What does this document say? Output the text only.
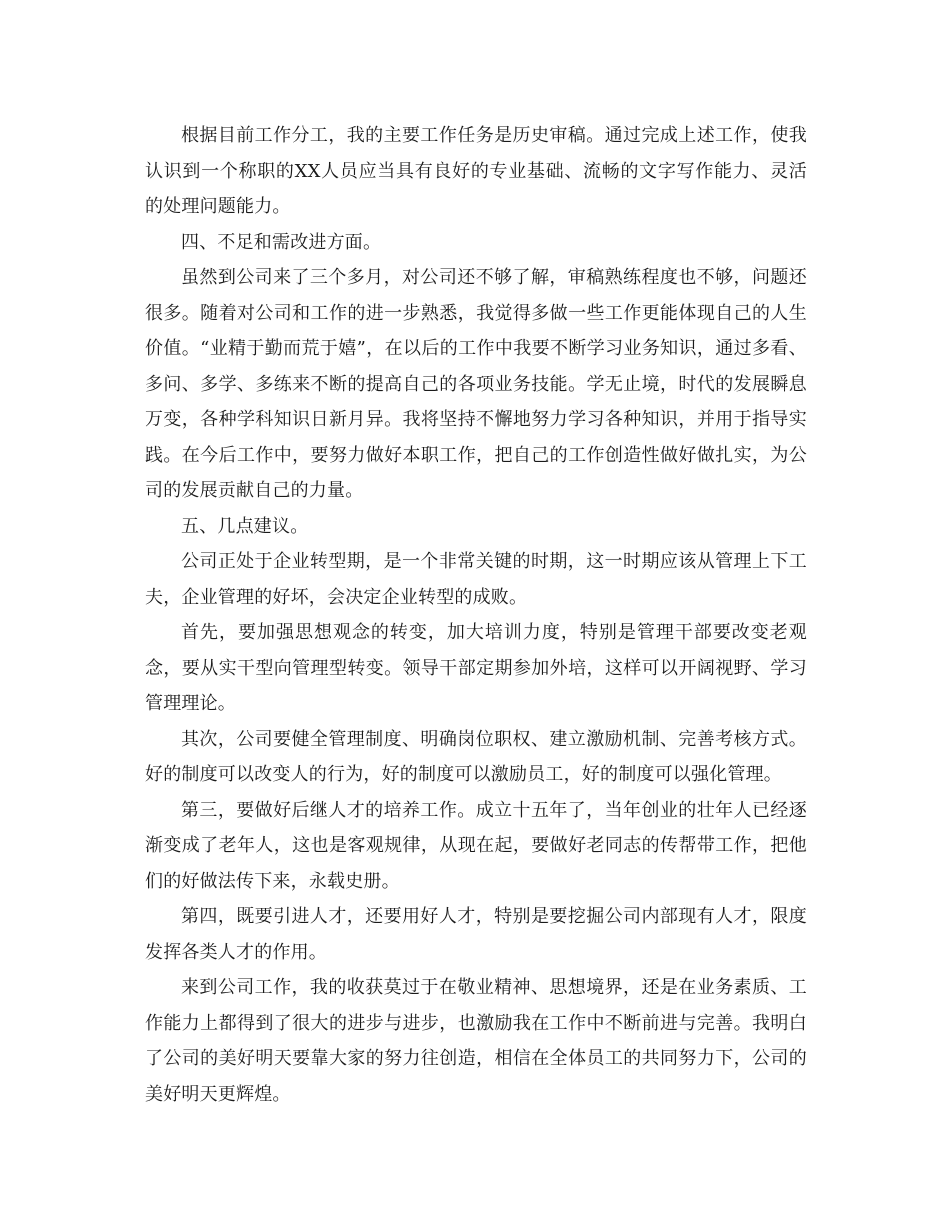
根据目前工作分工，我的主要工作任务是历史审稿。通过完成上述工作，使我认识到一个称职的XX人员应当具有良好的专业基础、流畅的文字写作能力、灵活的处理问题能力。

四、不足和需改进方面。

虽然到公司来了三个多月，对公司还不够了解，审稿熟练程度也不够，问题还很多。随着对公司和工作的进一步熟悉，我觉得多做一些工作更能体现自己的人生价值。“业精于勤而荒于嬉”，在以后的工作中我要不断学习业务知识，通过多看、多问、多学、多练来不断的提高自己的各项业务技能。学无止境，时代的发展瞬息万变，各种学科知识日新月异。我将坚持不懈地努力学习各种知识，并用于指导实践。在今后工作中，要努力做好本职工作，把自己的工作创造性做好做扎实，为公司的发展贡献自己的力量。

五、几点建议。

公司正处于企业转型期，是一个非常关键的时期，这一时期应该从管理上下工夫，企业管理的好坏，会决定企业转型的成败。

首先，要加强思想观念的转变，加大培训力度，特别是管理干部要改变老观念，要从实干型向管理型转变。领导干部定期参加外培，这样可以开阔视野、学习管理理论。

其次，公司要健全管理制度、明确岗位职权、建立激励机制、完善考核方式。好的制度可以改变人的行为，好的制度可以激励员工，好的制度可以强化管理。

第三，要做好后继人才的培养工作。成立十五年了，当年创业的壮年人已经逐渐变成了老年人，这也是客观规律，从现在起，要做好老同志的传帮带工作，把他们的好做法传下来，永载史册。

第四，既要引进人才，还要用好人才，特别是要挖掘公司内部现有人才，限度发挥各类人才的作用。

来到公司工作，我的收获莫过于在敬业精神、思想境界，还是在业务素质、工作能力上都得到了很大的进步与进步，也激励我在工作中不断前进与完善。我明白了公司的美好明天要靠大家的努力往创造，相信在全体员工的共同努力下，公司的美好明天更辉煌。
